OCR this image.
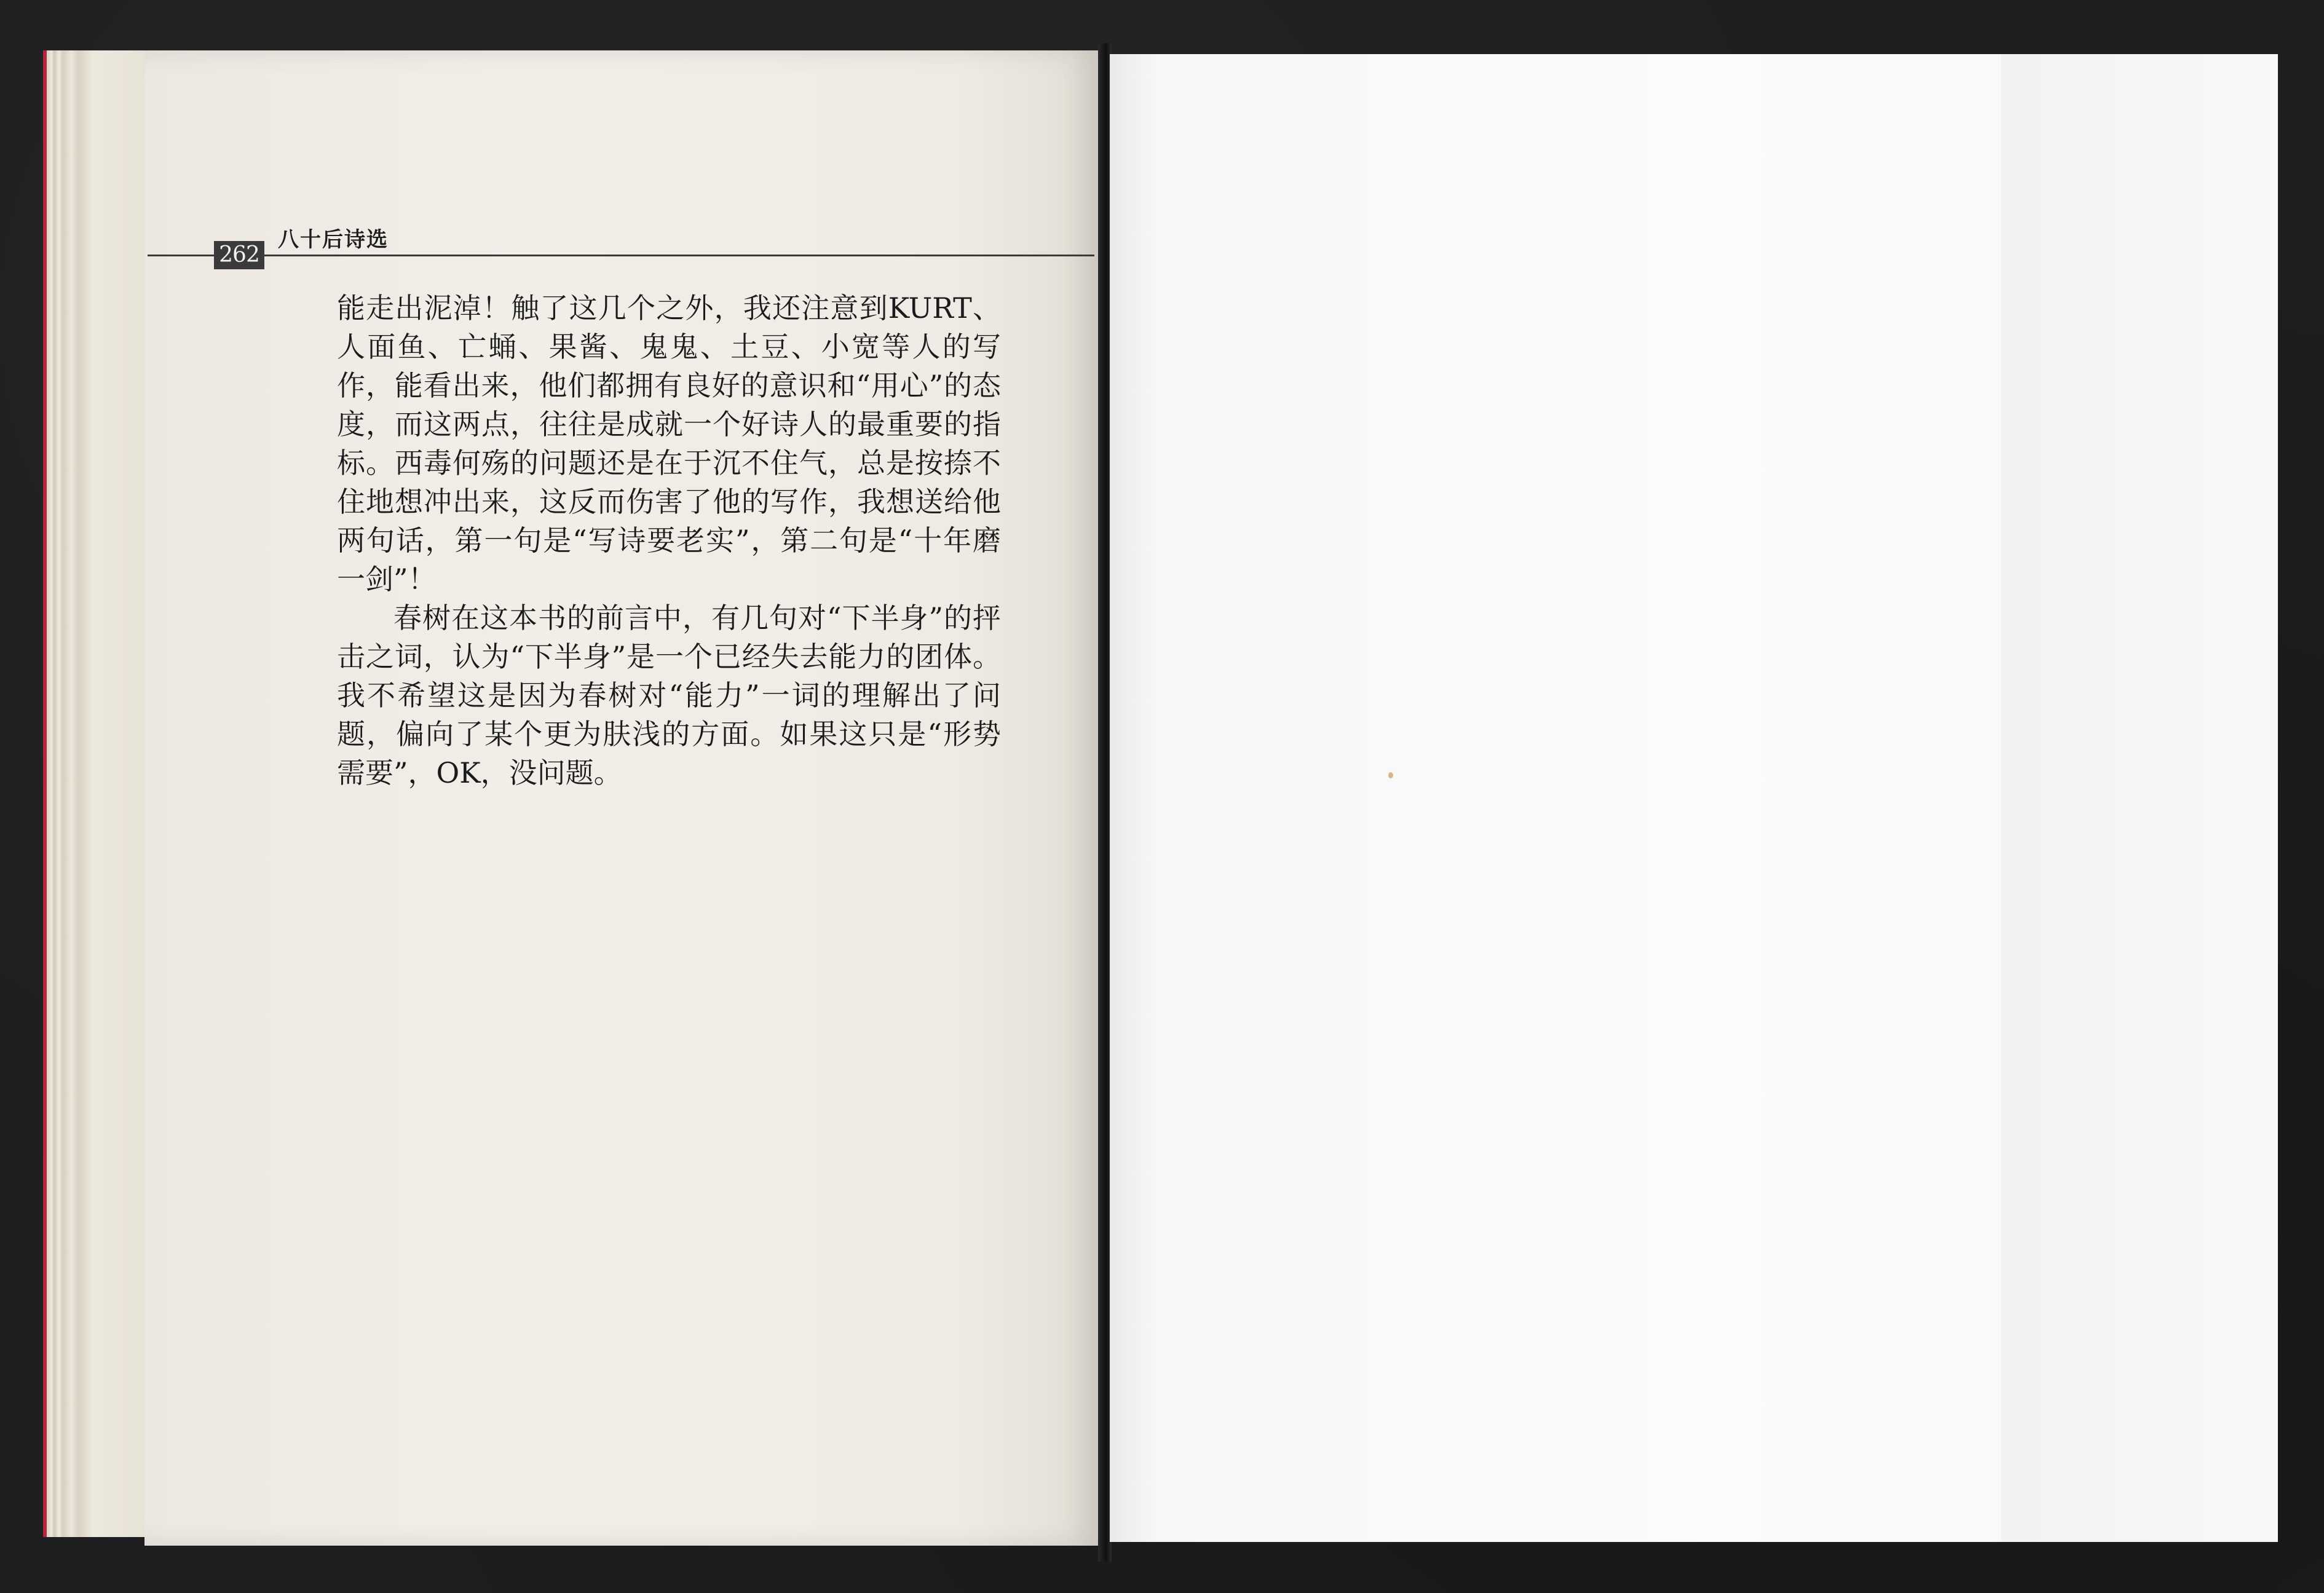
262
八十后诗选

能走出泥淖！触了这几个之外，我还注意到KURT、人面鱼、亡蛹、果酱、鬼鬼、土豆、小宽等人的写作，能看出来，他们都拥有良好的意识和“用心”的态度，而这两点，往往是成就一个好诗人的最重要的指标。西毒何殇的问题还是在于沉不住气，总是按捺不住地想冲出来，这反而伤害了他的写作，我想送给他两句话，第一句是“写诗要老实”，第二句是“十年磨一剑”！

春树在这本书的前言中，有几句对“下半身”的抨击之词，认为“下半身”是一个已经失去能力的团体。我不希望这是因为春树对“能力”一词的理解出了问题，偏向了某个更为肤浅的方面。如果这只是“形势需要”，OK，没问题。
